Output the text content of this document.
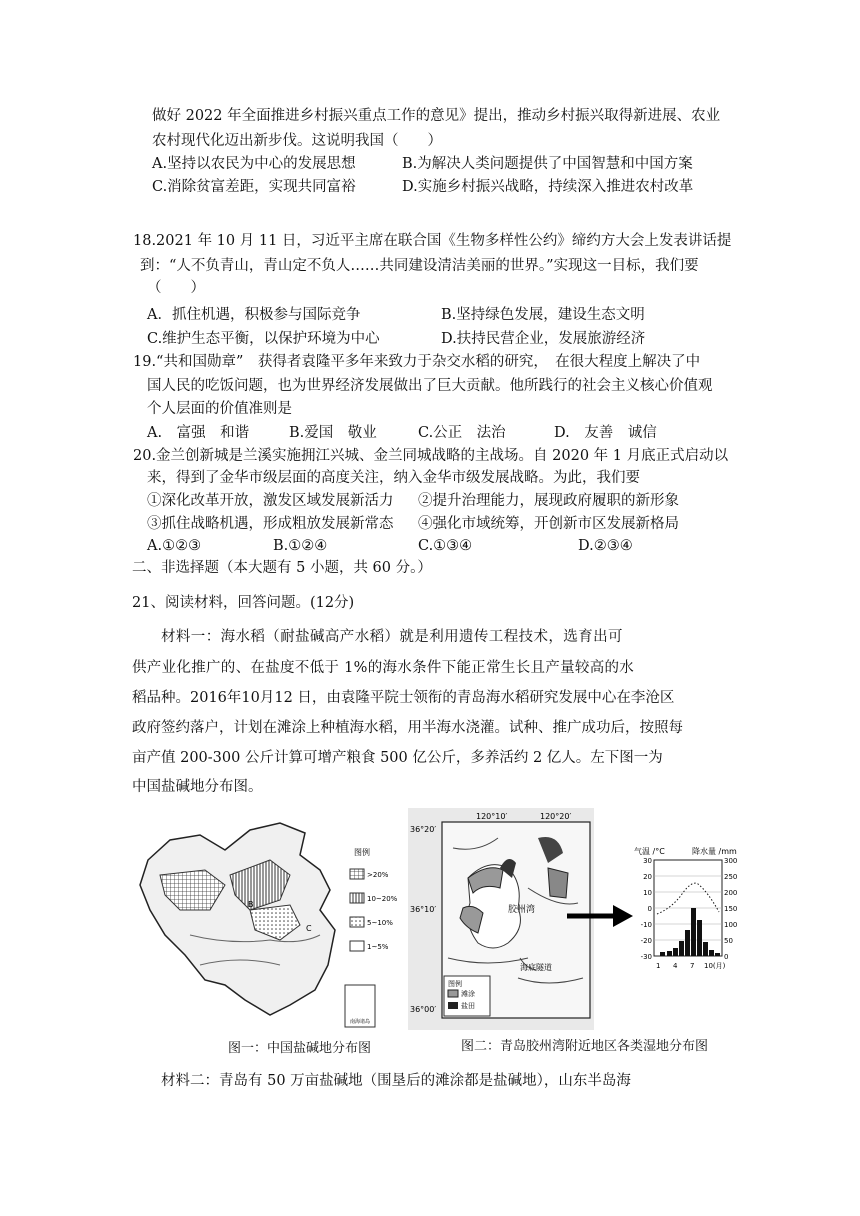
做好 2022 年全面推进乡村振兴重点工作的意见》提出，推动乡村振兴取得新进展、农业
农村现代化迈出新步伐。这说明我国（　　）
A.坚持以农民为中心的发展思想	B.为解决人类问题提供了中国智慧和中国方案
C.消除贫富差距，实现共同富裕	D.实施乡村振兴战略，持续深入推进农村改革
18.2021 年 10 月 11 日，习近平主席在联合国《生物多样性公约》缔约方大会上发表讲话提
到：“人不负青山，青山定不负人……共同建设清洁美丽的世界。”实现这一目标，我们要
（　　）
A．抓住机遇，积极参与国际竞争	B.坚持绿色发展，建设生态文明
C.维护生态平衡，以保护环境为中心	D.扶持民营企业，发展旅游经济
19.“共和国勋章”　获得者袁隆平多年来致力于杂交水稻的研究，　在很大程度上解决了中
国人民的吃饭问题，也为世界经济发展做出了巨大贡献。他所践行的社会主义核心价值观
个人层面的价值准则是
A.　富强　和谐	B.爱国　敬业	C.公正　法治	D.　友善　诚信
20.金兰创新城是兰溪实施拥江兴城、金兰同城战略的主战场。自 2020 年 1 月底正式启动以
来，得到了金华市级层面的高度关注，纳入金华市级发展战略。为此，我们要
①深化改革开放，激发区域发展新活力 ②提升治理能力，展现政府履职的新形象
③抓住战略机遇，形成粗放发展新常态 ④强化市域统筹，开创新市区发展新格局
A.①②③	B.①②④	C.①③④	D.②③④
二、非选择题（本大题有 5 小题，共 60 分。）
21、阅读材料，回答问题。(12分)
材料一：海水稻（耐盐碱高产水稻）就是利用遗传工程技术，选育出可
供产业化推广的、在盐度不低于 1%的海水条件下能正常生长且产量较高的水
稻品种。2016年10月12 日，由袁隆平院士领衔的青岛海水稻研究发展中心在李沧区
政府签约落户，计划在滩涂上种植海水稻，用半海水浇灌。试种、推广成功后，按照每
亩产值 200-300 公斤计算可增产粮食 500 亿公斤，多养活约 2 亿人。左下图一为
中国盐碱地分布图。
B
C
南海诸岛
图例
>20%
10~20%
5~10%
1~5%
图一：中国盐碱地分布图
120°10′	120°20′
36°20′
36°10′
36°00′
胶州湾
海底隧道
图例
滩涂
盐田
气温 /°C	降水量 /mm
30
20
10
0
-10
-20
-30
300
250
200
150
100
50
0
1 4 7 10(月)
图二：青岛胶州湾附近地区各类湿地分布图
材料二：青岛有 50 万亩盐碱地（围垦后的滩涂都是盐碱地），山东半岛海
